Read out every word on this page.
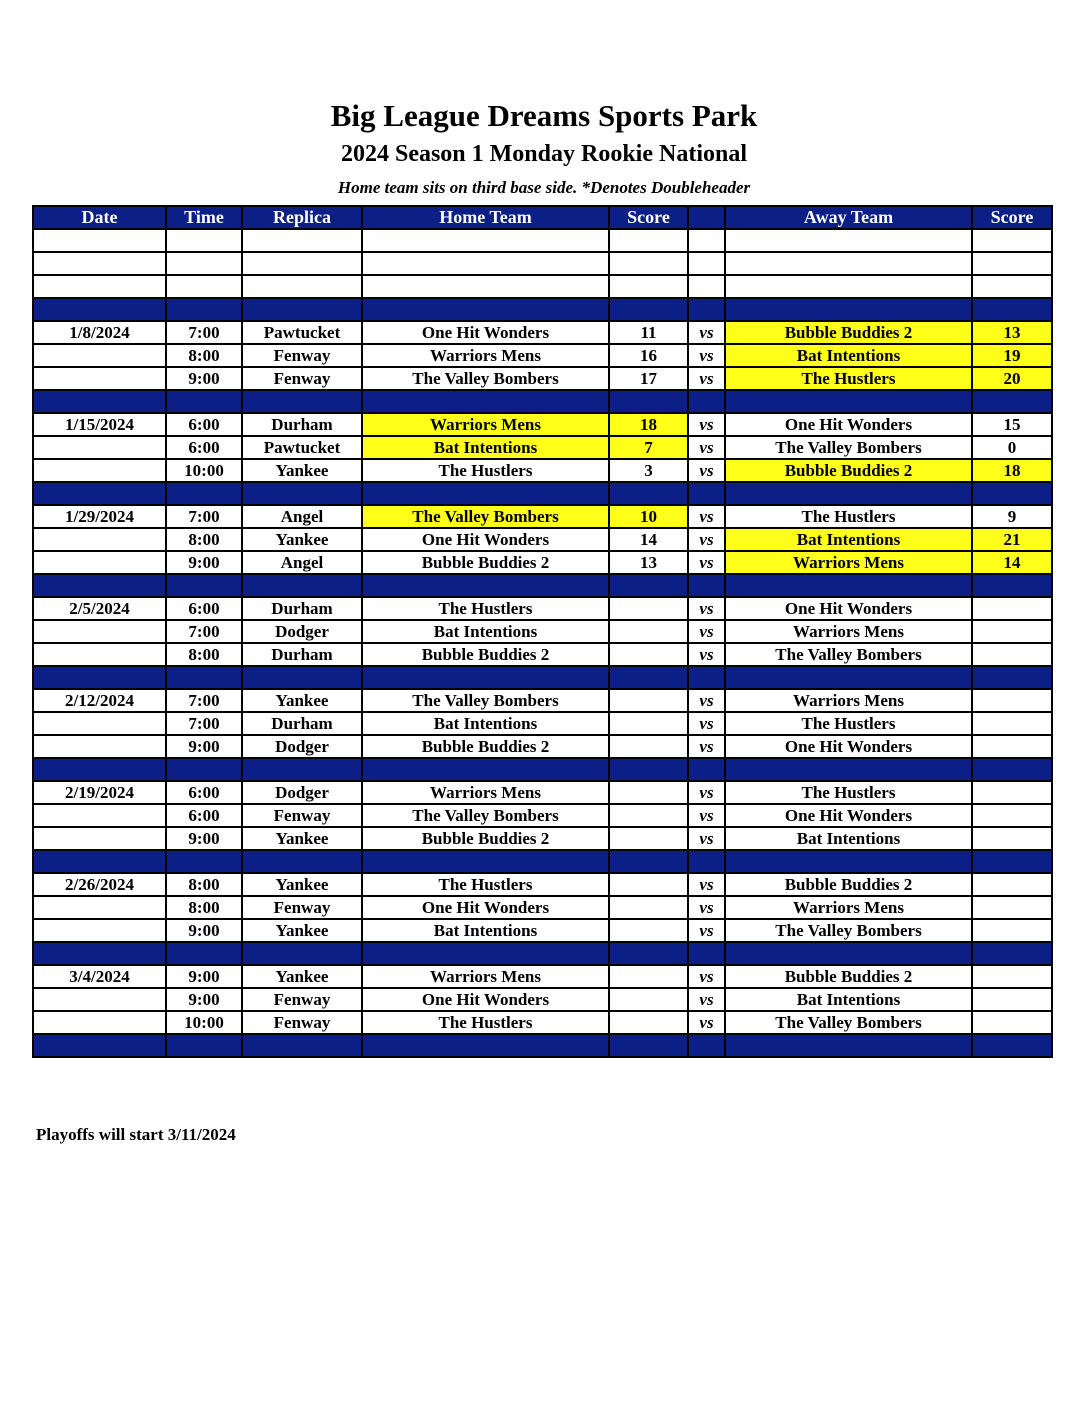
Big League Dreams Sports Park
2024 Season 1 Monday Rookie National
Home team sits on third base side. *Denotes Doubleheader
Date	Time	Replica	Home Team	Score		Away Team	Score

1/8/2024	7:00	Pawtucket	One Hit Wonders	11	vs	Bubble Buddies 2	13
	8:00	Fenway	Warriors Mens	16	vs	Bat Intentions	19
	9:00	Fenway	The Valley Bombers	17	vs	The Hustlers	20

1/15/2024	6:00	Durham	Warriors Mens	18	vs	One Hit Wonders	15
	6:00	Pawtucket	Bat Intentions	7	vs	The Valley Bombers	0
	10:00	Yankee	The Hustlers	3	vs	Bubble Buddies 2	18

1/29/2024	7:00	Angel	The Valley Bombers	10	vs	The Hustlers	9
	8:00	Yankee	One Hit Wonders	14	vs	Bat Intentions	21
	9:00	Angel	Bubble Buddies 2	13	vs	Warriors Mens	14

2/5/2024	6:00	Durham	The Hustlers		vs	One Hit Wonders	
	7:00	Dodger	Bat Intentions		vs	Warriors Mens	
	8:00	Durham	Bubble Buddies 2		vs	The Valley Bombers	

2/12/2024	7:00	Yankee	The Valley Bombers		vs	Warriors Mens	
	7:00	Durham	Bat Intentions		vs	The Hustlers	
	9:00	Dodger	Bubble Buddies 2		vs	One Hit Wonders	

2/19/2024	6:00	Dodger	Warriors Mens		vs	The Hustlers	
	6:00	Fenway	The Valley Bombers		vs	One Hit Wonders	
	9:00	Yankee	Bubble Buddies 2		vs	Bat Intentions	

2/26/2024	8:00	Yankee	The Hustlers		vs	Bubble Buddies 2	
	8:00	Fenway	One Hit Wonders		vs	Warriors Mens	
	9:00	Yankee	Bat Intentions		vs	The Valley Bombers	

3/4/2024	9:00	Yankee	Warriors Mens		vs	Bubble Buddies 2	
	9:00	Fenway	One Hit Wonders		vs	Bat Intentions	
	10:00	Fenway	The Hustlers		vs	The Valley Bombers	

Playoffs will start 3/11/2024
